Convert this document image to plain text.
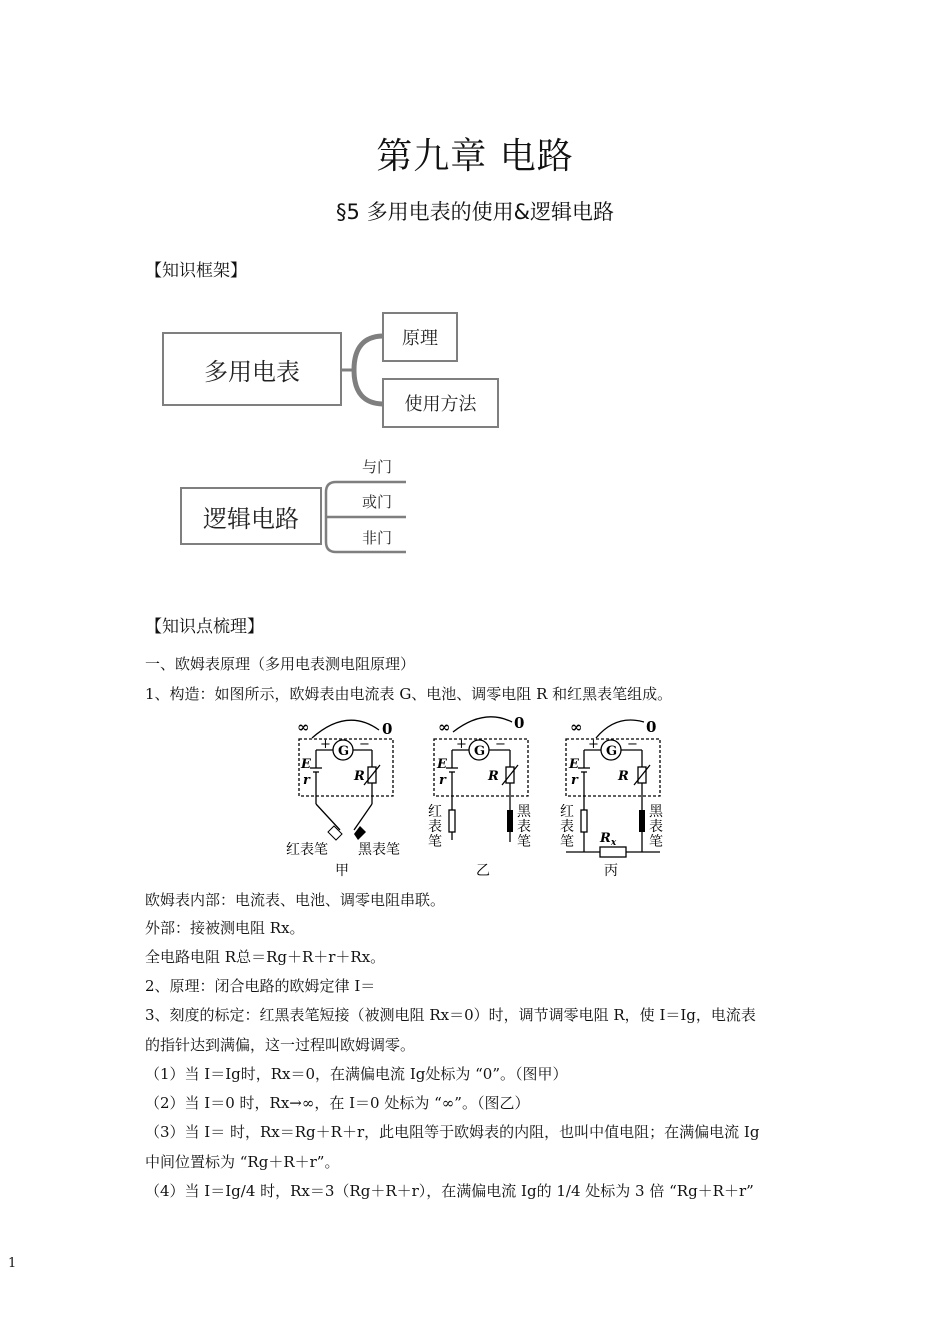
第九章 电路
§5 多用电表的使用&逻辑电路
【知识框架】
多用电表
原理
使用方法
逻辑电路
与门
或门
非门
【知识点梳理】
一、欧姆表原理（多用电表测电阻原理）
1、构造：如图所示，欧姆表由电流表 G、电池、调零电阻 R 和红黑表笔组成。
∞	0
G
+ −
E
r	R
红表笔 黑表笔
甲
∞	0
G
+ −
E
r	R
红
表
笔
黑
表
笔
乙
∞	0
G
+ −
E
r	R
$R_x$
红
表
笔
黑
表
笔
丙
欧姆表内部：电流表、电池、调零电阻串联。
外部：接被测电阻 Rx。
全电路电阻 R总＝Rg＋R＋r＋Rx。
2、原理：闭合电路的欧姆定律 I＝
3、刻度的标定：红黑表笔短接（被测电阻 Rx＝0）时，调节调零电阻 R，使 I＝Ig，电流表
的指针达到满偏，这一过程叫欧姆调零。
（1）当 I＝Ig时，Rx＝0，在满偏电流 Ig处标为 “0”。（图甲）
（2）当 I＝0 时，Rx→∞，在 I＝0 处标为 “∞”。（图乙）
（3）当 I＝ 时，Rx＝Rg＋R＋r，此电阻等于欧姆表的内阻，也叫中值电阻；在满偏电流 Ig
中间位置标为 “Rg＋R＋r”。
（4）当 I＝Ig/4 时，Rx＝3（Rg＋R＋r），在满偏电流 Ig的 1/4 处标为 3 倍 “Rg＋R＋r”
1
